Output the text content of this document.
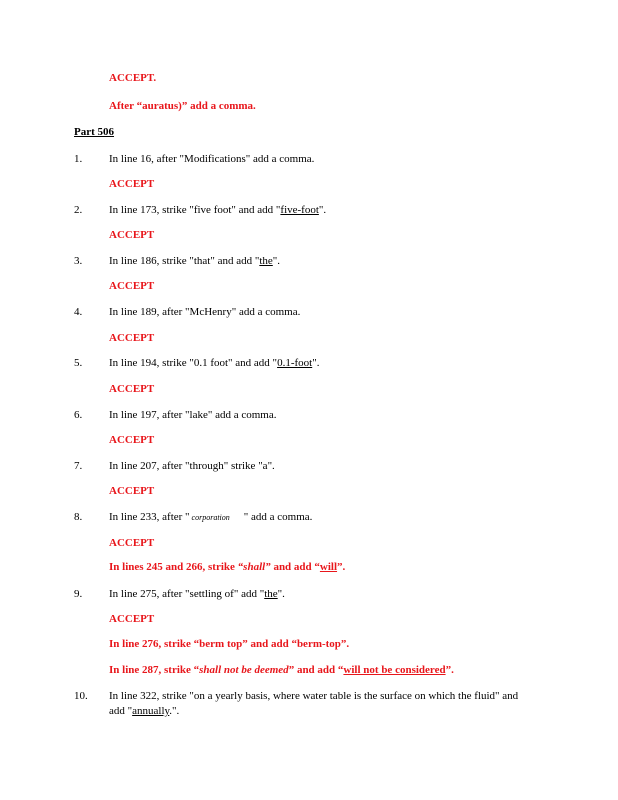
ACCEPT.
After “auratus)” add a comma.
Part 506
1. In line 16, after "Modifications" add a comma.
ACCEPT
2. In line 173, strike "five foot" and add "five-foot".
ACCEPT
3. In line 186, strike "that" and add "the".
ACCEPT
4. In line 189, after "McHenry" add a comma.
ACCEPT
5. In line 194, strike "0.1 foot" and add "0.1-foot".
ACCEPT
6. In line 197, after "lake" add a comma.
ACCEPT
7. In line 207, after "through" strike "a".
ACCEPT
8. In line 233, after " corporation " add a comma.
ACCEPT
In lines 245 and 266, strike “shall” and add “will”.
9. In line 275, after "settling of" add "the".
ACCEPT
In line 276, strike “berm top” and add “berm-top”.
In line 287, strike “shall not be deemed” and add “will not be considered”.
10. In line 322, strike "on a yearly basis, where water table is the surface on which the fluid" and
add "annually.".
